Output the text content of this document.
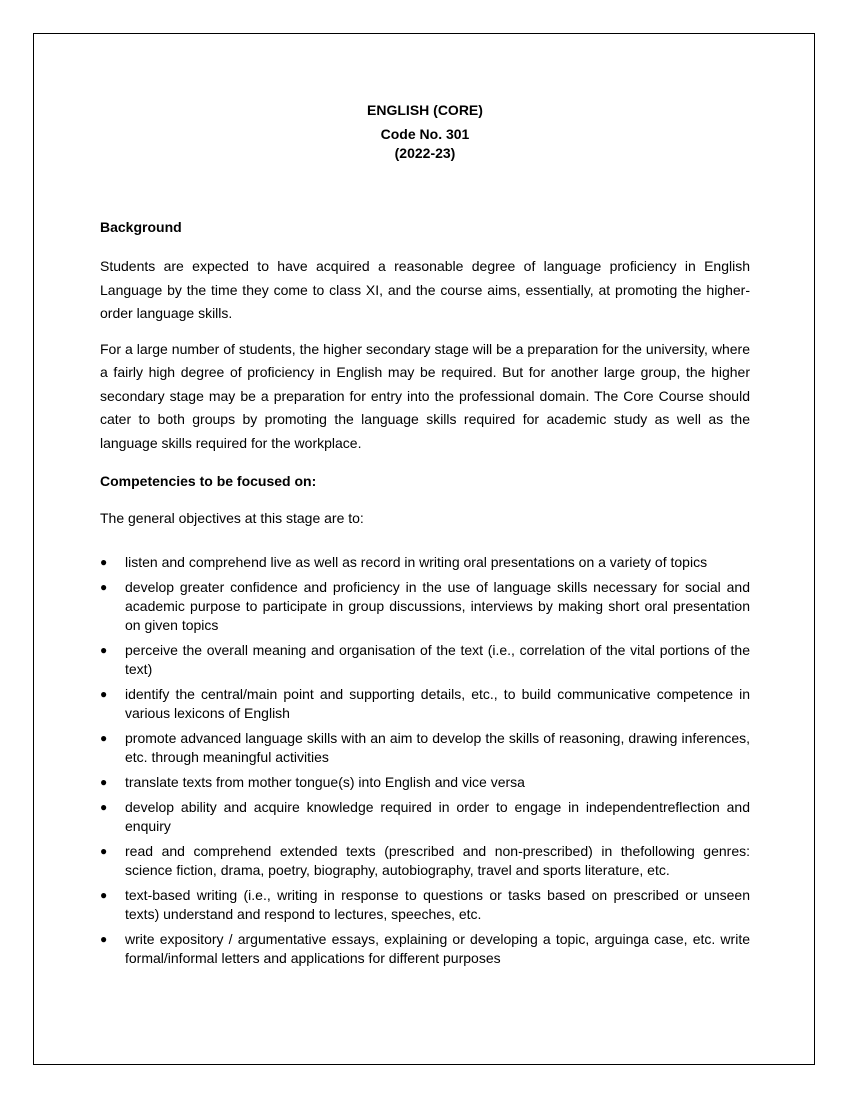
ENGLISH (CORE)
Code No. 301
(2022-23)
Background

Students are expected to have acquired a reasonable degree of language proficiency in English Language by the time they come to class XI, and the course aims, essentially, at promoting the higher-order language skills.

For a large number of students, the higher secondary stage will be a preparation for the university, where a fairly high degree of proficiency in English may be required. But for another large group, the higher secondary stage may be a preparation for entry into the professional domain. The Core Course should cater to both groups by promoting the language skills required for academic study as well as the language skills required for the workplace.

Competencies to be focused on:

The general objectives at this stage are to:

●	listen and comprehend live as well as record in writing oral presentations on a variety of topics
●	develop greater confidence and proficiency in the use of language skills necessary for social and academic purpose to participate in group discussions, interviews by making short oral presentation on given topics
●	perceive the overall meaning and organisation of the text (i.e., correlation of the vital portions of the text)
●	identify the central/main point and supporting details, etc., to build communicative competence in various lexicons of English
●	promote advanced language skills with an aim to develop the skills of reasoning, drawing inferences, etc. through meaningful activities
●	translate texts from mother tongue(s) into English and vice versa
●	develop ability and acquire knowledge required in order to engage in independentreflection and enquiry
●	read and comprehend extended texts (prescribed and non-prescribed) in thefollowing genres: science fiction, drama, poetry, biography, autobiography, travel and sports literature, etc.
●	text-based writing (i.e., writing in response to questions or tasks based on prescribed or unseen texts) understand and respond to lectures, speeches, etc.
●	write expository / argumentative essays, explaining or developing a topic, arguinga case, etc. write formal/informal letters and applications for different purposes
